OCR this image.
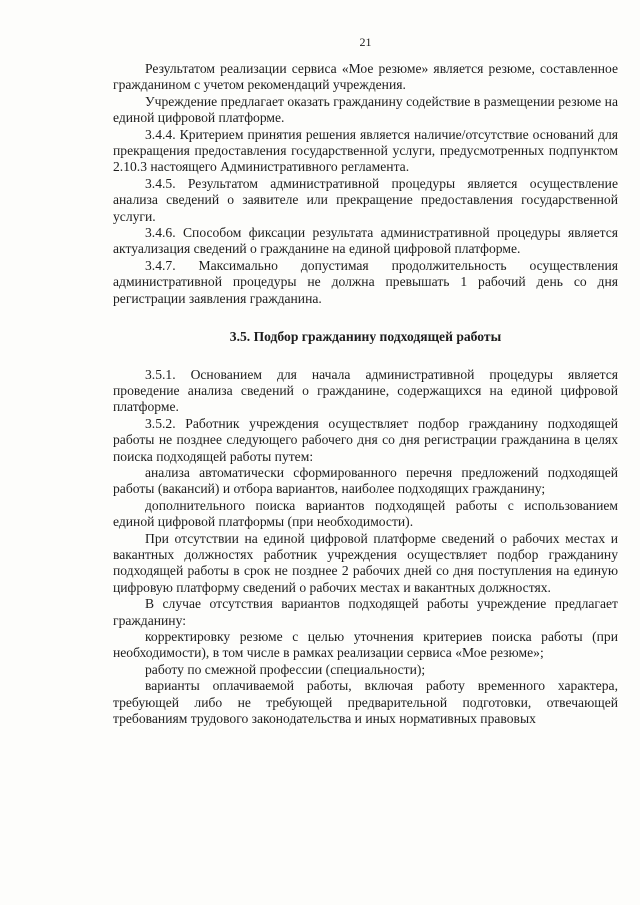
21

Результатом реализации сервиса «Мое резюме» является резюме, составленное гражданином с учетом рекомендаций учреждения.

Учреждение предлагает оказать гражданину содействие в размещении резюме на единой цифровой платформе.

3.4.4. Критерием принятия решения является наличие/отсутствие оснований для прекращения предоставления государственной услуги, предусмотренных подпунктом 2.10.3 настоящего Административного регламента.

3.4.5. Результатом административной процедуры является осуществление анализа сведений о заявителе или прекращение предоставления государственной услуги.

3.4.6. Способом фиксации результата административной процедуры является актуализация сведений о гражданине на единой цифровой платформе.

3.4.7. Максимально допустимая продолжительность осуществления административной процедуры не должна превышать 1 рабочий день со дня регистрации заявления гражданина.

3.5. Подбор гражданину подходящей работы

3.5.1. Основанием для начала административной процедуры является проведение анализа сведений о гражданине, содержащихся на единой цифровой платформе.

3.5.2. Работник учреждения осуществляет подбор гражданину подходящей работы не позднее следующего рабочего дня со дня регистрации гражданина в целях поиска подходящей работы путем:

анализа автоматически сформированного перечня предложений подходящей работы (вакансий) и отбора вариантов, наиболее подходящих гражданину;

дополнительного поиска вариантов подходящей работы с использованием единой цифровой платформы (при необходимости).

При отсутствии на единой цифровой платформе сведений о рабочих местах и вакантных должностях работник учреждения осуществляет подбор гражданину подходящей работы в срок не позднее 2 рабочих дней со дня поступления на единую цифровую платформу сведений о рабочих местах и вакантных должностях.

В случае отсутствия вариантов подходящей работы учреждение предлагает гражданину:

корректировку резюме с целью уточнения критериев поиска работы (при необходимости), в том числе в рамках реализации сервиса «Мое резюме»;

работу по смежной профессии (специальности);

варианты оплачиваемой работы, включая работу временного характера, требующей либо не требующей предварительной подготовки, отвечающей требованиям трудового законодательства и иных нормативных правовых
